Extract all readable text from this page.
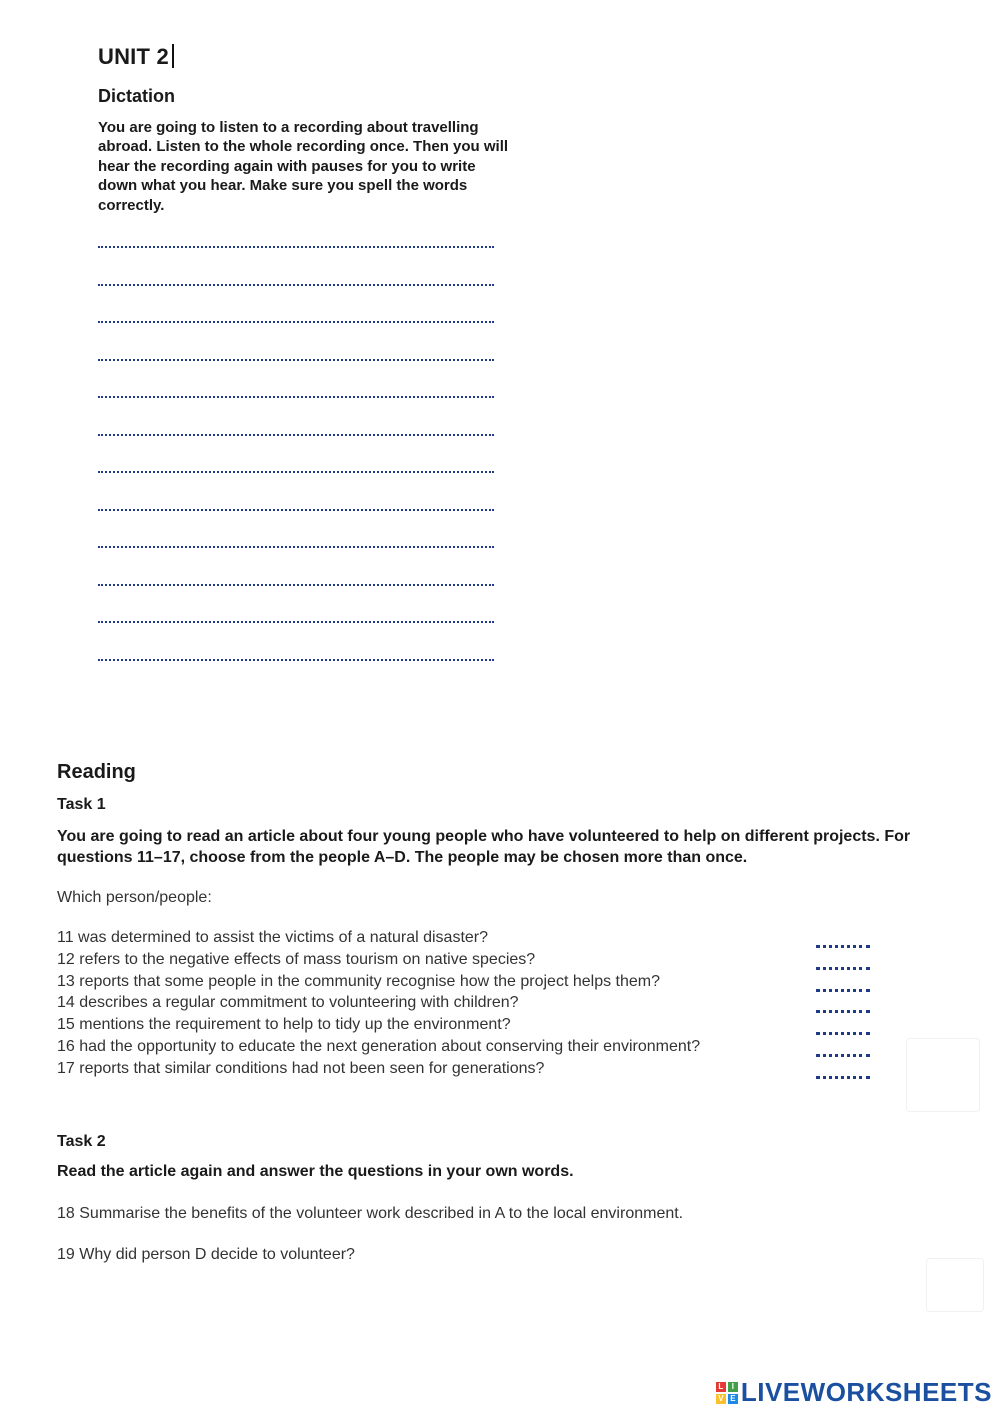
UNIT 2
Dictation
You are going to listen to a recording about travelling abroad. Listen to the whole recording once. Then you will hear the recording again with pauses for you to write down what you hear. Make sure you spell the words correctly.
Reading
Task 1
You are going to read an article about four young people who have volunteered to help on different projects. For questions 11–17, choose from the people A–D. The people may be chosen more than once.
Which person/people:
11 was determined to assist the victims of a natural disaster?
12 refers to the negative effects of mass tourism on native species?
13 reports that some people in the community recognise how the project helps them?
14 describes a regular commitment to volunteering with children?
15 mentions the requirement to help to tidy up the environment?
16 had the opportunity to educate the next generation about conserving their environment?
17 reports that similar conditions had not been seen for generations?
Task 2
Read the article again and answer the questions in your own words.
18 Summarise the benefits of the volunteer work described in A to the local environment.
19 Why did person D decide to volunteer?
L	I
V E LIVEWORKSHEETS
